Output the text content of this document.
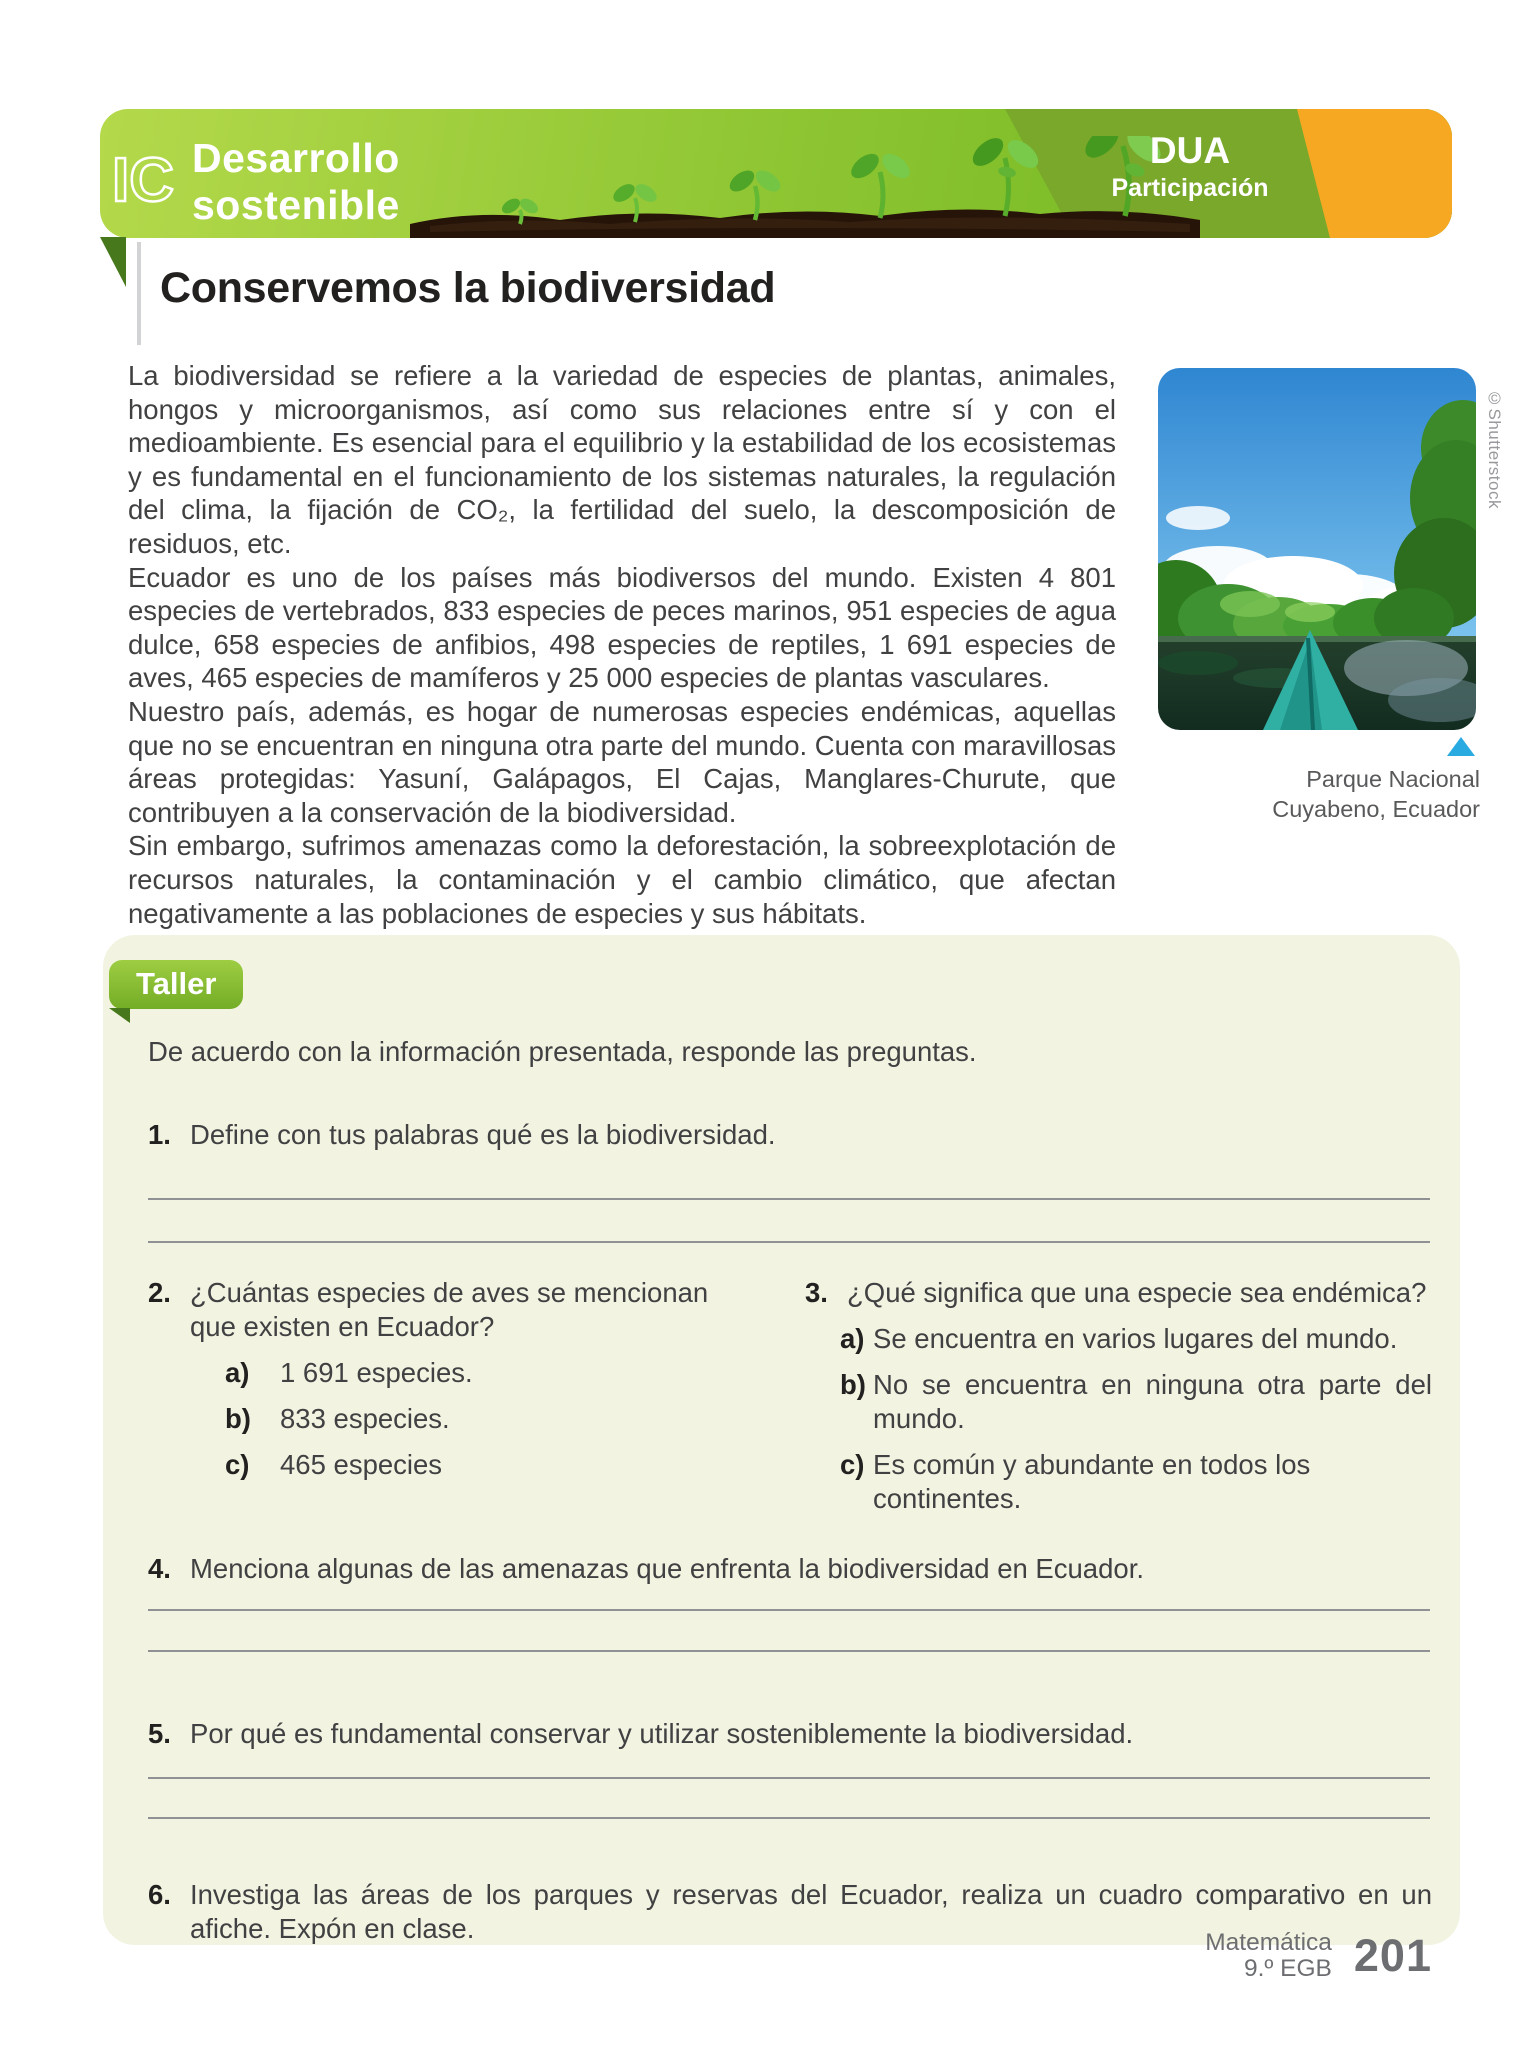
IC Desarrollo
sostenible
DUA
Participación
Conservemos la biodiversidad

La biodiversidad se refiere a la variedad de especies de plantas, animales, hongos y microorganismos, así como sus relaciones entre sí y con el medioambiente. Es esencial para el equilibrio y la estabilidad de los ecosistemas y es fundamental en el funcionamiento de los sistemas naturales, la regulación del clima, la fijación de CO₂, la fertilidad del suelo, la descomposición de residuos, etc.

Ecuador es uno de los países más biodiversos del mundo. Existen 4 801 especies de vertebrados, 833 especies de peces marinos, 951 especies de agua dulce, 658 especies de anfibios, 498 especies de reptiles, 1 691 especies de aves, 465 especies de mamíferos y 25 000 especies de plantas vasculares.

Nuestro país, además, es hogar de numerosas especies endémicas, aquellas que no se encuentran en ninguna otra parte del mundo. Cuenta con maravillosas áreas protegidas: Yasuní, Galápagos, El Cajas, Manglares-Churute, que contribuyen a la conservación de la biodiversidad.

Sin embargo, sufrimos amenazas como la deforestación, la sobreexplotación de recursos naturales, la contaminación y el cambio climático, que afectan negativamente a las poblaciones de especies y sus hábitats.

©Shutterstock
Parque Nacional
Cuyabeno, Ecuador
Taller

De acuerdo con la información presentada, responde las preguntas.

1. Define con tus palabras qué es la biodiversidad.
2. ¿Cuántas especies de aves se mencionan que existen en Ecuador?
a)	1 691 especies.
b)	833 especies.
c)	465 especies
3. ¿Qué significa que una especie sea endémica?
a) Se encuentra en varios lugares del mundo.
b) No se encuentra en ninguna otra parte del mundo.
c) Es común y abundante en todos los continentes.
4. Menciona algunas de las amenazas que enfrenta la biodiversidad en Ecuador.
5. Por qué es fundamental conservar y utilizar sosteniblemente la biodiversidad.
6. Investiga las áreas de los parques y reservas del Ecuador, realiza un cuadro comparativo en un afiche. Expón en clase.	Matemática
9.º EGB 201
